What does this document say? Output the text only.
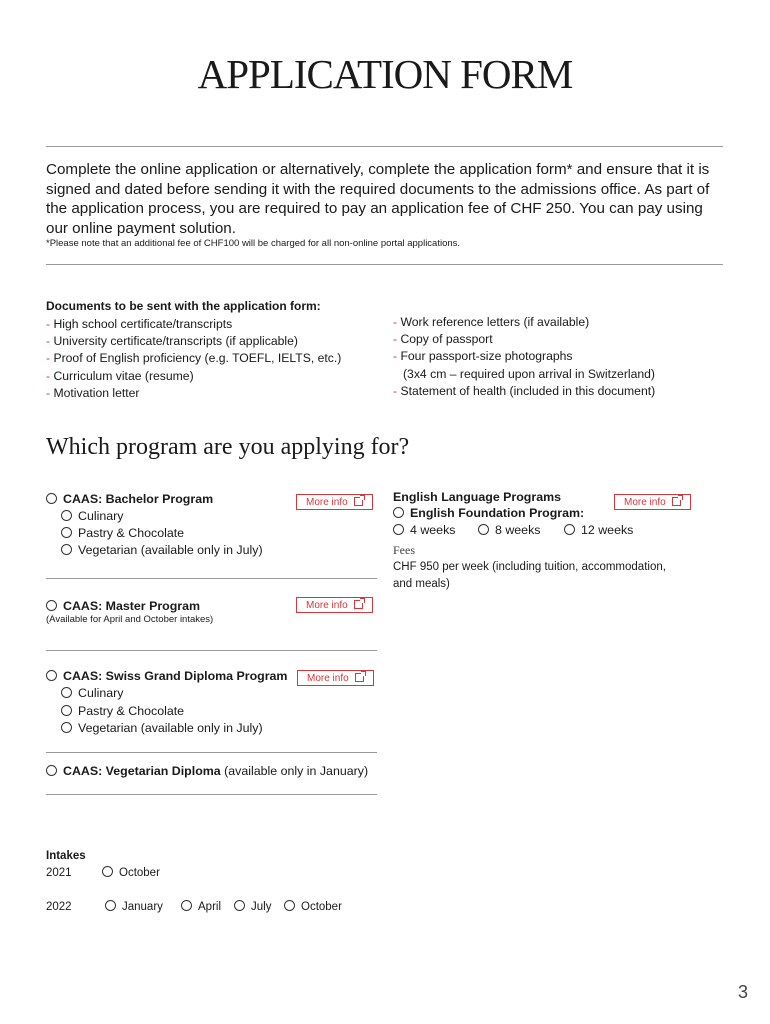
APPLICATION FORM
Complete the online application or alternatively, complete the application form* and ensure that it is signed and dated before sending it with the required documents to the admissions office. As part of the application process, you are required to pay an application fee of CHF 250. You can pay using our online payment solution.
*Please note that an additional fee of CHF100 will be charged for all non-online portal applications.
Documents to be sent with the application form:
- High school certificate/transcripts
- University certificate/transcripts (if applicable)
- Proof of English proficiency (e.g. TOEFL, IELTS, etc.)
- Curriculum vitae (resume)
- Motivation letter
- Work reference letters (if available)
- Copy of passport
- Four passport-size photographs
(3x4 cm – required upon arrival in Switzerland)
- Statement of health (included in this document)
Which program are you applying for?
CAAS: Bachelor Program
Culinary
Pastry & Chocolate
Vegetarian (available only in July)
More info
CAAS: Master Program
(Available for April and October intakes)
More info
CAAS: Swiss Grand Diploma Program
Culinary
Pastry & Chocolate
Vegetarian (available only in July)
More info
CAAS: Vegetarian Diploma (available only in January)
English Language Programs
English Foundation Program:
4 weeks	8 weeks	12 weeks
Fees
CHF 950 per week (including tuition, accommodation,
and meals)
More info
Intakes
2021	October
2022	January	April	July	October
3
